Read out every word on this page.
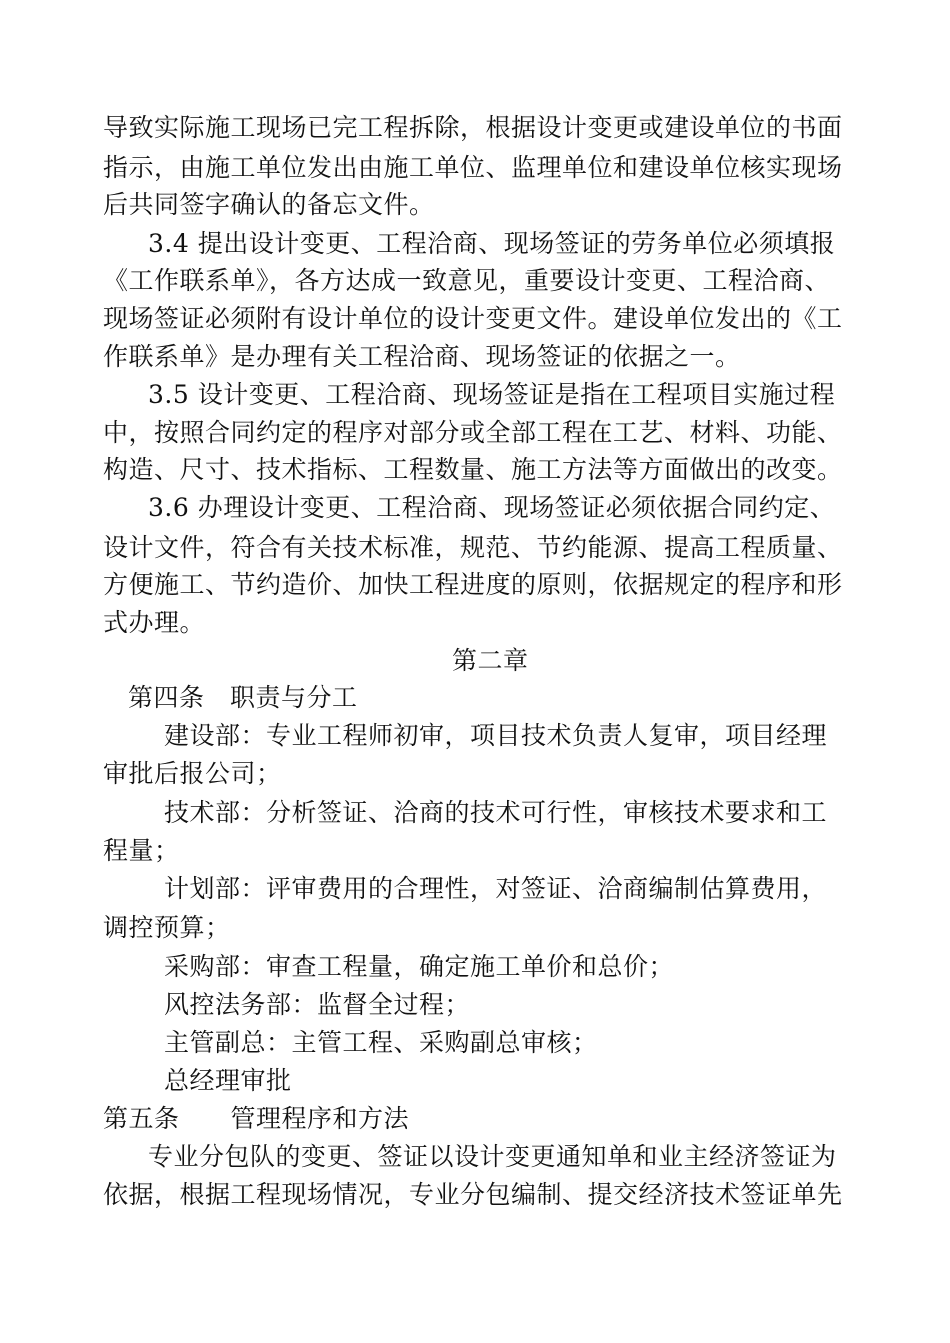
导致实际施工现场已完工程拆除，根据设计变更或建设单位的书面
指示，由施工单位发出由施工单位、监理单位和建设单位核实现场
后共同签字确认的备忘文件。
3.4 提出设计变更、工程洽商、现场签证的劳务单位必须填报
《工作联系单》，各方达成一致意见，重要设计变更、工程洽商、
现场签证必须附有设计单位的设计变更文件。建设单位发出的《工
作联系单》是办理有关工程洽商、现场签证的依据之一。
3.5 设计变更、工程洽商、现场签证是指在工程项目实施过程
中，按照合同约定的程序对部分或全部工程在工艺、材料、功能、
构造、尺寸、技术指标、工程数量、施工方法等方面做出的改变。
3.6 办理设计变更、工程洽商、现场签证必须依据合同约定、
设计文件，符合有关技术标准，规范、节约能源、提高工程质量、
方便施工、节约造价、加快工程进度的原则，依据规定的程序和形
式办理。
第二章
第四条　职责与分工
建设部：专业工程师初审，项目技术负责人复审，项目经理
审批后报公司；
技术部：分析签证、洽商的技术可行性，审核技术要求和工
程量；
计划部：评审费用的合理性，对签证、洽商编制估算费用，
调控预算；
采购部：审查工程量，确定施工单价和总价；
风控法务部：监督全过程；
主管副总：主管工程、采购副总审核；
总经理审批
第五条　　管理程序和方法
专业分包队的变更、签证以设计变更通知单和业主经济签证为
依据，根据工程现场情况，专业分包编制、提交经济技术签证单先
